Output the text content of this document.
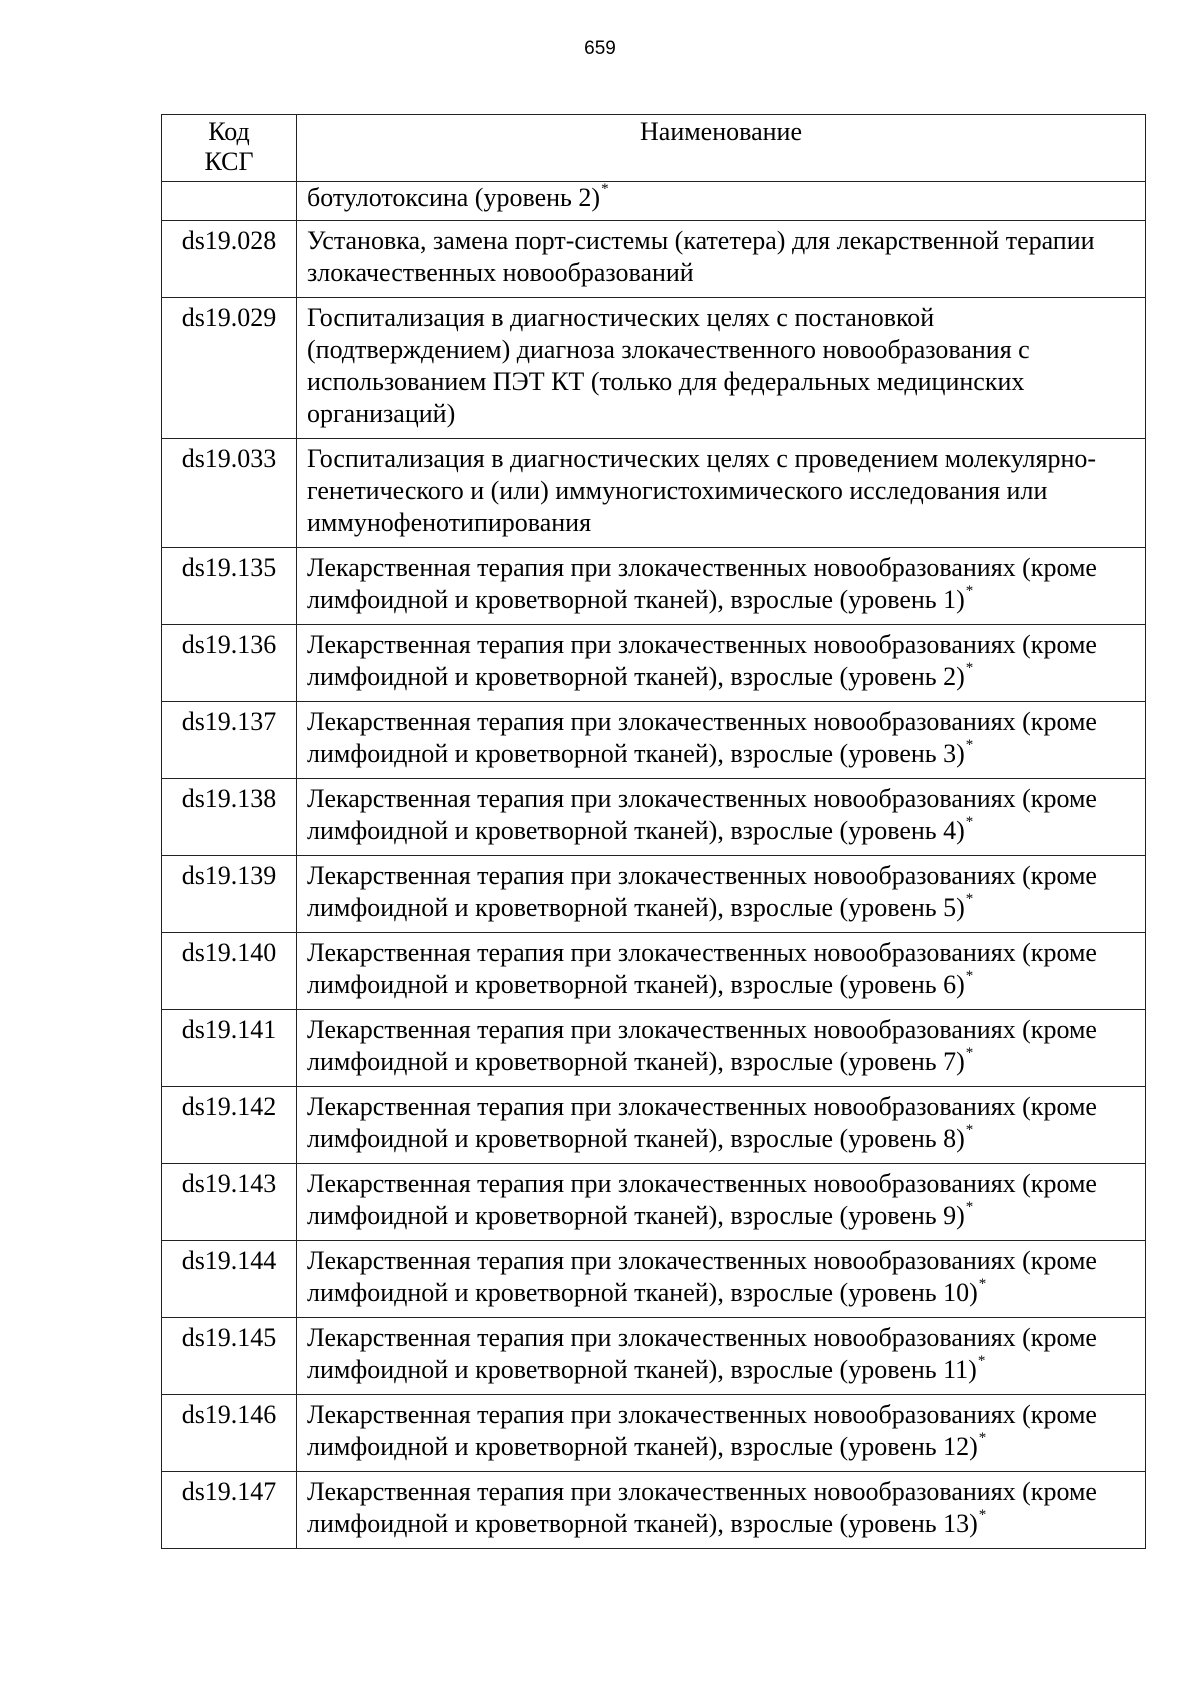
659
Код
КСГ	Наименование
	ботулотоксина (уровень 2)*
ds19.028	Установка, замена порт-системы (катетера) для лекарственной терапии злокачественных новообразований
ds19.029	Госпитализация в диагностических целях с постановкой (подтверждением) диагноза злокачественного новообразования с использованием ПЭТ КТ (только для федеральных медицинских организаций)
ds19.033	Госпитализация в диагностических целях с проведением молекулярно-генетического и (или) иммуногистохимического исследования или иммунофенотипирования
ds19.135	Лекарственная терапия при злокачественных новообразованиях (кроме лимфоидной и кроветворной тканей), взрослые (уровень 1)*
ds19.136	Лекарственная терапия при злокачественных новообразованиях (кроме лимфоидной и кроветворной тканей), взрослые (уровень 2)*
ds19.137	Лекарственная терапия при злокачественных новообразованиях (кроме лимфоидной и кроветворной тканей), взрослые (уровень 3)*
ds19.138	Лекарственная терапия при злокачественных новообразованиях (кроме лимфоидной и кроветворной тканей), взрослые (уровень 4)*
ds19.139	Лекарственная терапия при злокачественных новообразованиях (кроме лимфоидной и кроветворной тканей), взрослые (уровень 5)*
ds19.140	Лекарственная терапия при злокачественных новообразованиях (кроме лимфоидной и кроветворной тканей), взрослые (уровень 6)*
ds19.141	Лекарственная терапия при злокачественных новообразованиях (кроме лимфоидной и кроветворной тканей), взрослые (уровень 7)*
ds19.142	Лекарственная терапия при злокачественных новообразованиях (кроме лимфоидной и кроветворной тканей), взрослые (уровень 8)*
ds19.143	Лекарственная терапия при злокачественных новообразованиях (кроме лимфоидной и кроветворной тканей), взрослые (уровень 9)*
ds19.144	Лекарственная терапия при злокачественных новообразованиях (кроме лимфоидной и кроветворной тканей), взрослые (уровень 10)*
ds19.145	Лекарственная терапия при злокачественных новообразованиях (кроме лимфоидной и кроветворной тканей), взрослые (уровень 11)*
ds19.146	Лекарственная терапия при злокачественных новообразованиях (кроме лимфоидной и кроветворной тканей), взрослые (уровень 12)*
ds19.147	Лекарственная терапия при злокачественных новообразованиях (кроме лимфоидной и кроветворной тканей), взрослые (уровень 13)*
